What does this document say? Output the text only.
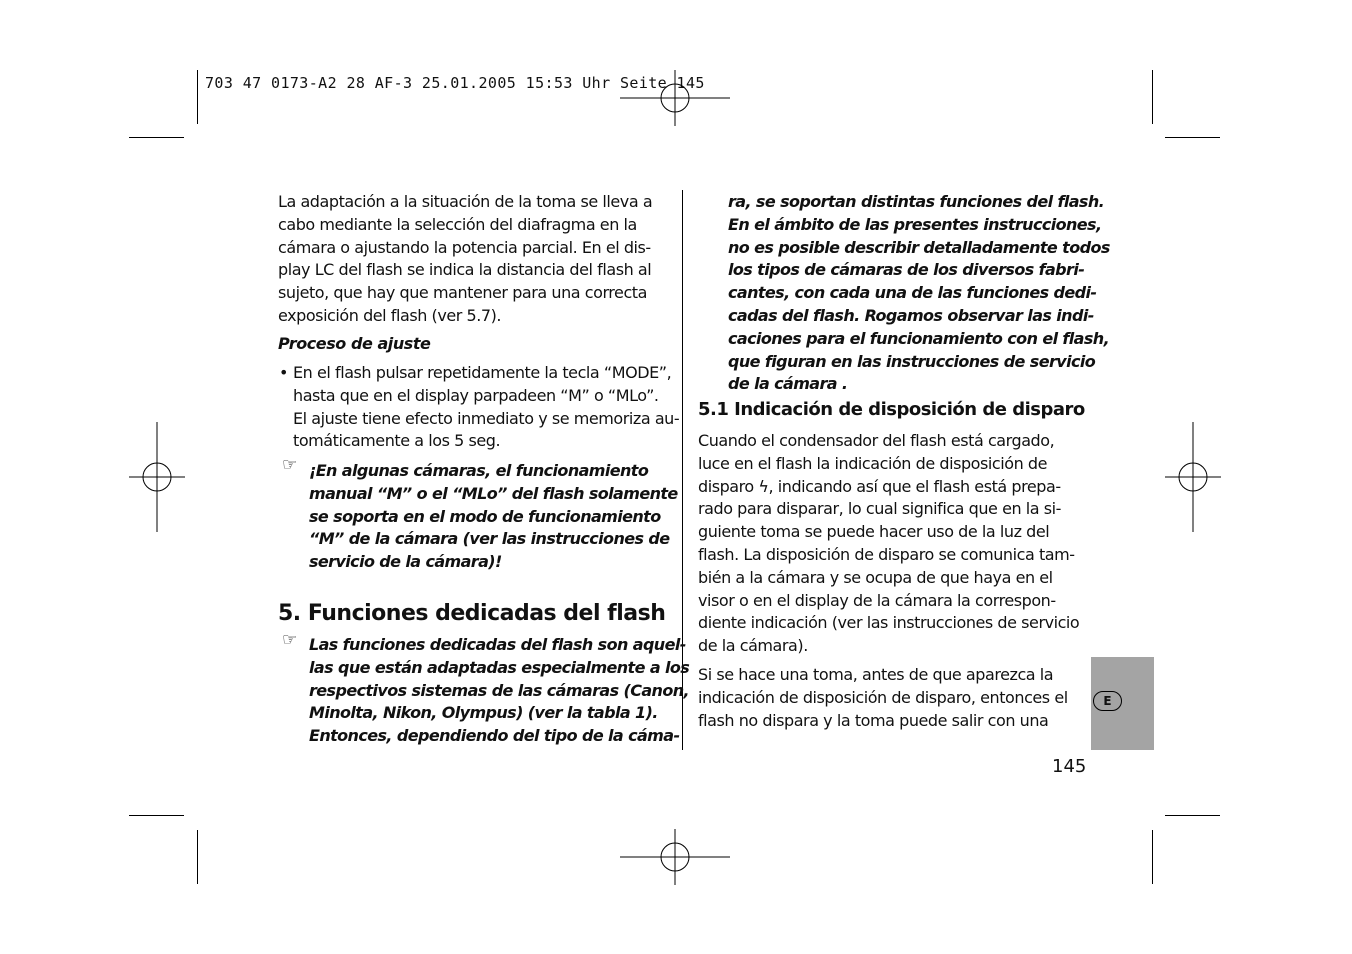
703 47 0173-A2 28 AF-3 25.01.2005 15:53 Uhr Seite 145
La adaptación a la situación de la toma se lleva a
cabo mediante la selección del diafragma en la
cámara o ajustando la potencia parcial. En el dis-
play LC del flash se indica la distancia del flash al
sujeto, que hay que mantener para una correcta
exposición del flash (ver 5.7).
Proceso de ajuste
• En el flash pulsar repetidamente la tecla “MODE”,
hasta que en el display parpadeen “M” o “MLo”.
El ajuste tiene efecto inmediato y se memoriza au-
tomáticamente a los 5 seg.
☞ ¡En algunas cámaras, el funcionamiento
manual “M” o el “MLo” del flash solamente
se soporta en el modo de funcionamiento
“M” de la cámara (ver las instrucciones de
servicio de la cámara)!
5. Funciones dedicadas del flash
☞ Las funciones dedicadas del flash son aquel-
las que están adaptadas especialmente a los
respectivos sistemas de las cámaras (Canon,
Minolta, Nikon, Olympus) (ver la tabla 1).
Entonces, dependiendo del tipo de la cáma-
ra, se soportan distintas funciones del flash.
En el ámbito de las presentes instrucciones,
no es posible describir detalladamente todos
los tipos de cámaras de los diversos fabri-
cantes, con cada una de las funciones dedi-
cadas del flash. Rogamos observar las indi-
caciones para el funcionamiento con el flash,
que figuran en las instrucciones de servicio
de la cámara .
5.1 Indicación de disposición de disparo
Cuando el condensador del flash está cargado,
luce en el flash la indicación de disposición de
disparo ϟ, indicando así que el flash está prepa-
rado para disparar, lo cual significa que en la si-
guiente toma se puede hacer uso de la luz del
flash. La disposición de disparo se comunica tam-
bién a la cámara y se ocupa de que haya en el
visor o en el display de la cámara la correspon-
diente indicación (ver las instrucciones de servicio
de la cámara).
Si se hace una toma, antes de que aparezca la
indicación de disposición de disparo, entonces el
flash no dispara y la toma puede salir con una
E
145
